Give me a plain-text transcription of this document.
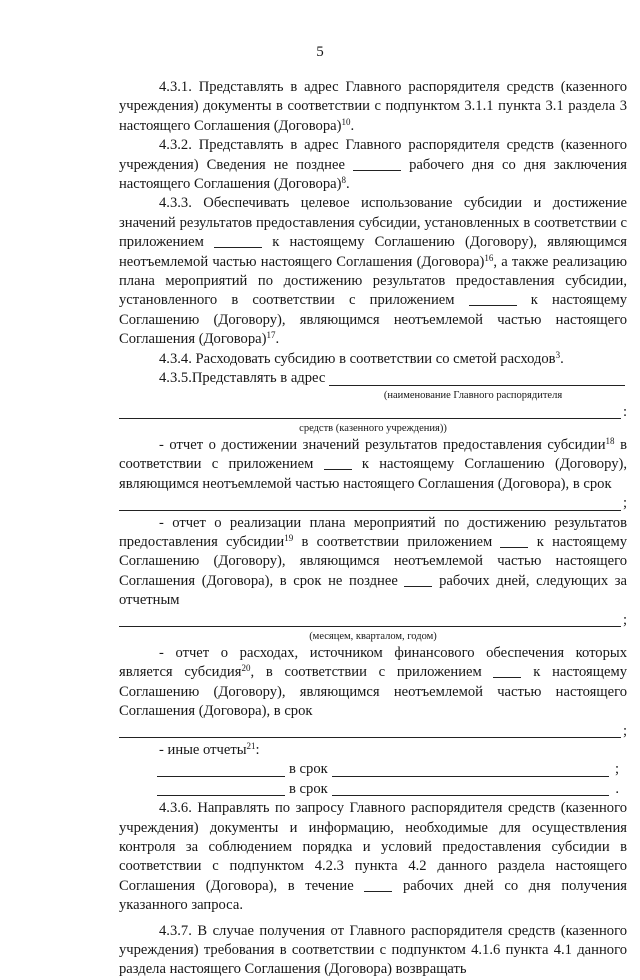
5

4.3.1. Представлять в адрес Главного распорядителя средств (казенного учреждения) документы в соответствии с подпунктом 3.1.1 пункта 3.1 раздела 3 настоящего Соглашения (Договора)$^{10}$.

4.3.2. Представлять в адрес Главного распорядителя средств (казенного учреждения) Сведения не позднее	рабочего дня со дня заключения настоящего Соглашения (Договора)$^8$.

4.3.3. Обеспечивать целевое использование субсидии и достижение значений результатов предоставления субсидии, установленных в соответствии с приложением	к настоящему Соглашению (Договору), являющимся неотъемлемой частью настоящего Соглашения (Договора)$^{16}$, а также реализацию плана мероприятий по достижению результатов предоставления субсидии, установленного в соответствии с приложением	к настоящему Соглашению (Договору), являющимся неотъемлемой частью настоящего Соглашения (Договора)$^{17}$.

4.3.4. Расходовать субсидию в соответствии со сметой расходов$^3$.

4.3.5. Представлять в адрес
(наименование Главного распорядителя
:
средств (казенного учреждения))

- отчет о достижении значений результатов предоставления субсидии$^{18}$ в соответствии с приложением  к настоящему Соглашению (Договору), являющимся неотъемлемой частью настоящего Соглашения (Договора), в срок

;

- отчет о реализации плана мероприятий по достижению результатов предоставления субсидии$^{19}$ в соответствии приложением  к настоящему Соглашению (Договору), являющимся неотъемлемой частью настоящего Соглашения (Договора), в срок не позднее  рабочих дней, следующих за отчетным

;
(месяцем, кварталом, годом)

- отчет о расходах, источником финансового обеспечения которых является субсидия$^{20}$, в соответствии с приложением  к настоящему Соглашению (Договору), являющимся неотъемлемой частью настоящего Соглашения (Договора), в срок

;

- иные отчеты$^{21}$:

в срок	;
в срок	.

4.3.6. Направлять по запросу Главного распорядителя средств (казенного учреждения) документы и информацию, необходимые для осуществления контроля за соблюдением порядка и условий предоставления субсидии в соответствии с подпунктом 4.2.3 пункта 4.2 данного раздела настоящего Соглашения (Договора), в течение  рабочих дней со дня получения указанного запроса.

4.3.7. В случае получения от Главного распорядителя средств (казенного учреждения) требования в соответствии с подпунктом 4.1.6 пункта 4.1 данного раздела настоящего Соглашения (Договора) возвращать
